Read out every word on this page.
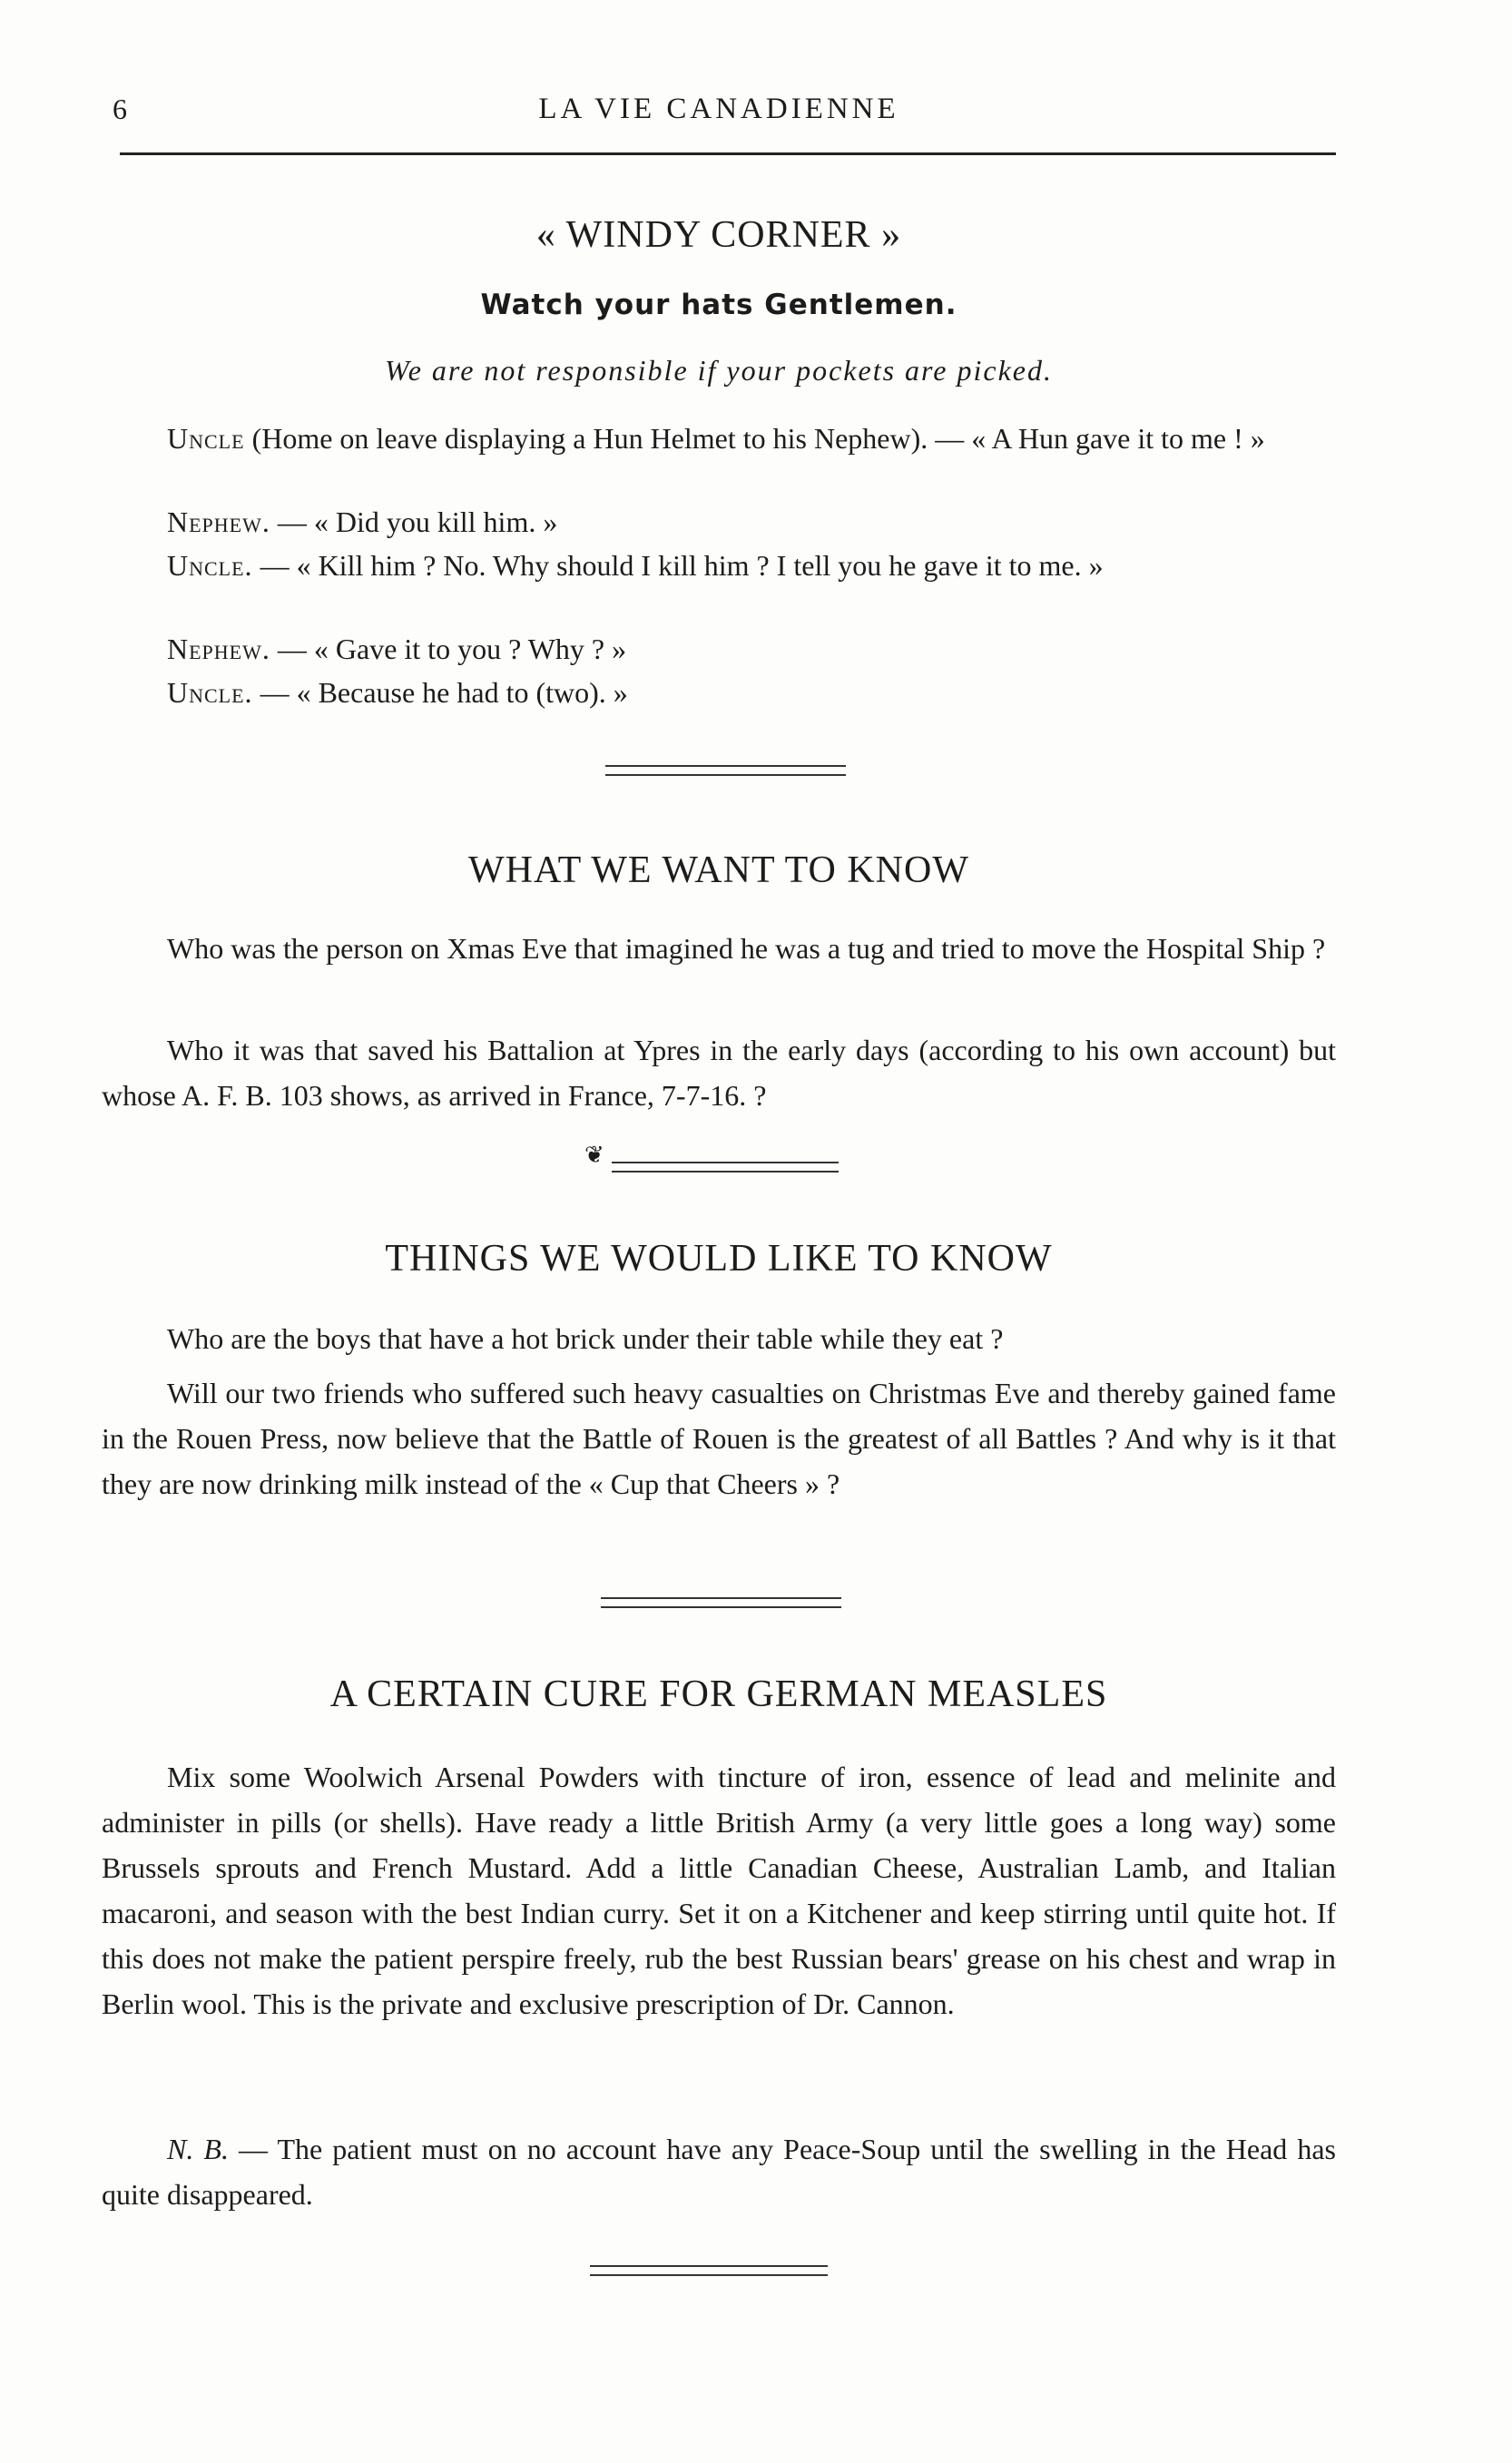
6	LA VIE CANADIENNE
« WINDY CORNER »
Watch your hats Gentlemen.
We are not responsible if your pockets are picked.

Uncle (Home on leave displaying a Hun Helmet to his Nephew). — « A Hun gave it to me ! »

Nephew. — « Did you kill him. »

Uncle. — « Kill him ? No. Why should I kill him ? I tell you he gave it to me. »

Nephew. — « Gave it to you ? Why ? »

Uncle. — « Because he had to (two). »

WHAT WE WANT TO KNOW

Who was the person on Xmas Eve that imagined he was a tug and tried to move the Hospital Ship ?

Who it was that saved his Battalion at Ypres in the early days (according to his own account) but whose A. F. B. 103 shows, as arrived in France, 7-7-16. ?

❦
THINGS WE WOULD LIKE TO KNOW

Who are the boys that have a hot brick under their table while they eat ?

Will our two friends who suffered such heavy casualties on Christmas Eve and thereby gained fame in the Rouen Press, now believe that the Battle of Rouen is the greatest of all Battles ? And why is it that they are now drinking milk instead of the « Cup that Cheers » ?

A CERTAIN CURE FOR GERMAN MEASLES

Mix some Woolwich Arsenal Powders with tincture of iron, essence of lead and melinite and administer in pills (or shells). Have ready a little British Army (a very little goes a long way) some Brussels sprouts and French Mustard. Add a little Canadian Cheese, Australian Lamb, and Italian macaroni, and season with the best Indian curry. Set it on a Kitchener and keep stirring until quite hot. If this does not make the patient perspire freely, rub the best Russian bears' grease on his chest and wrap in Berlin wool. This is the private and exclusive prescription of Dr. Cannon.

N. B. — The patient must on no account have any Peace-Soup until the swelling in the Head has quite disappeared.
